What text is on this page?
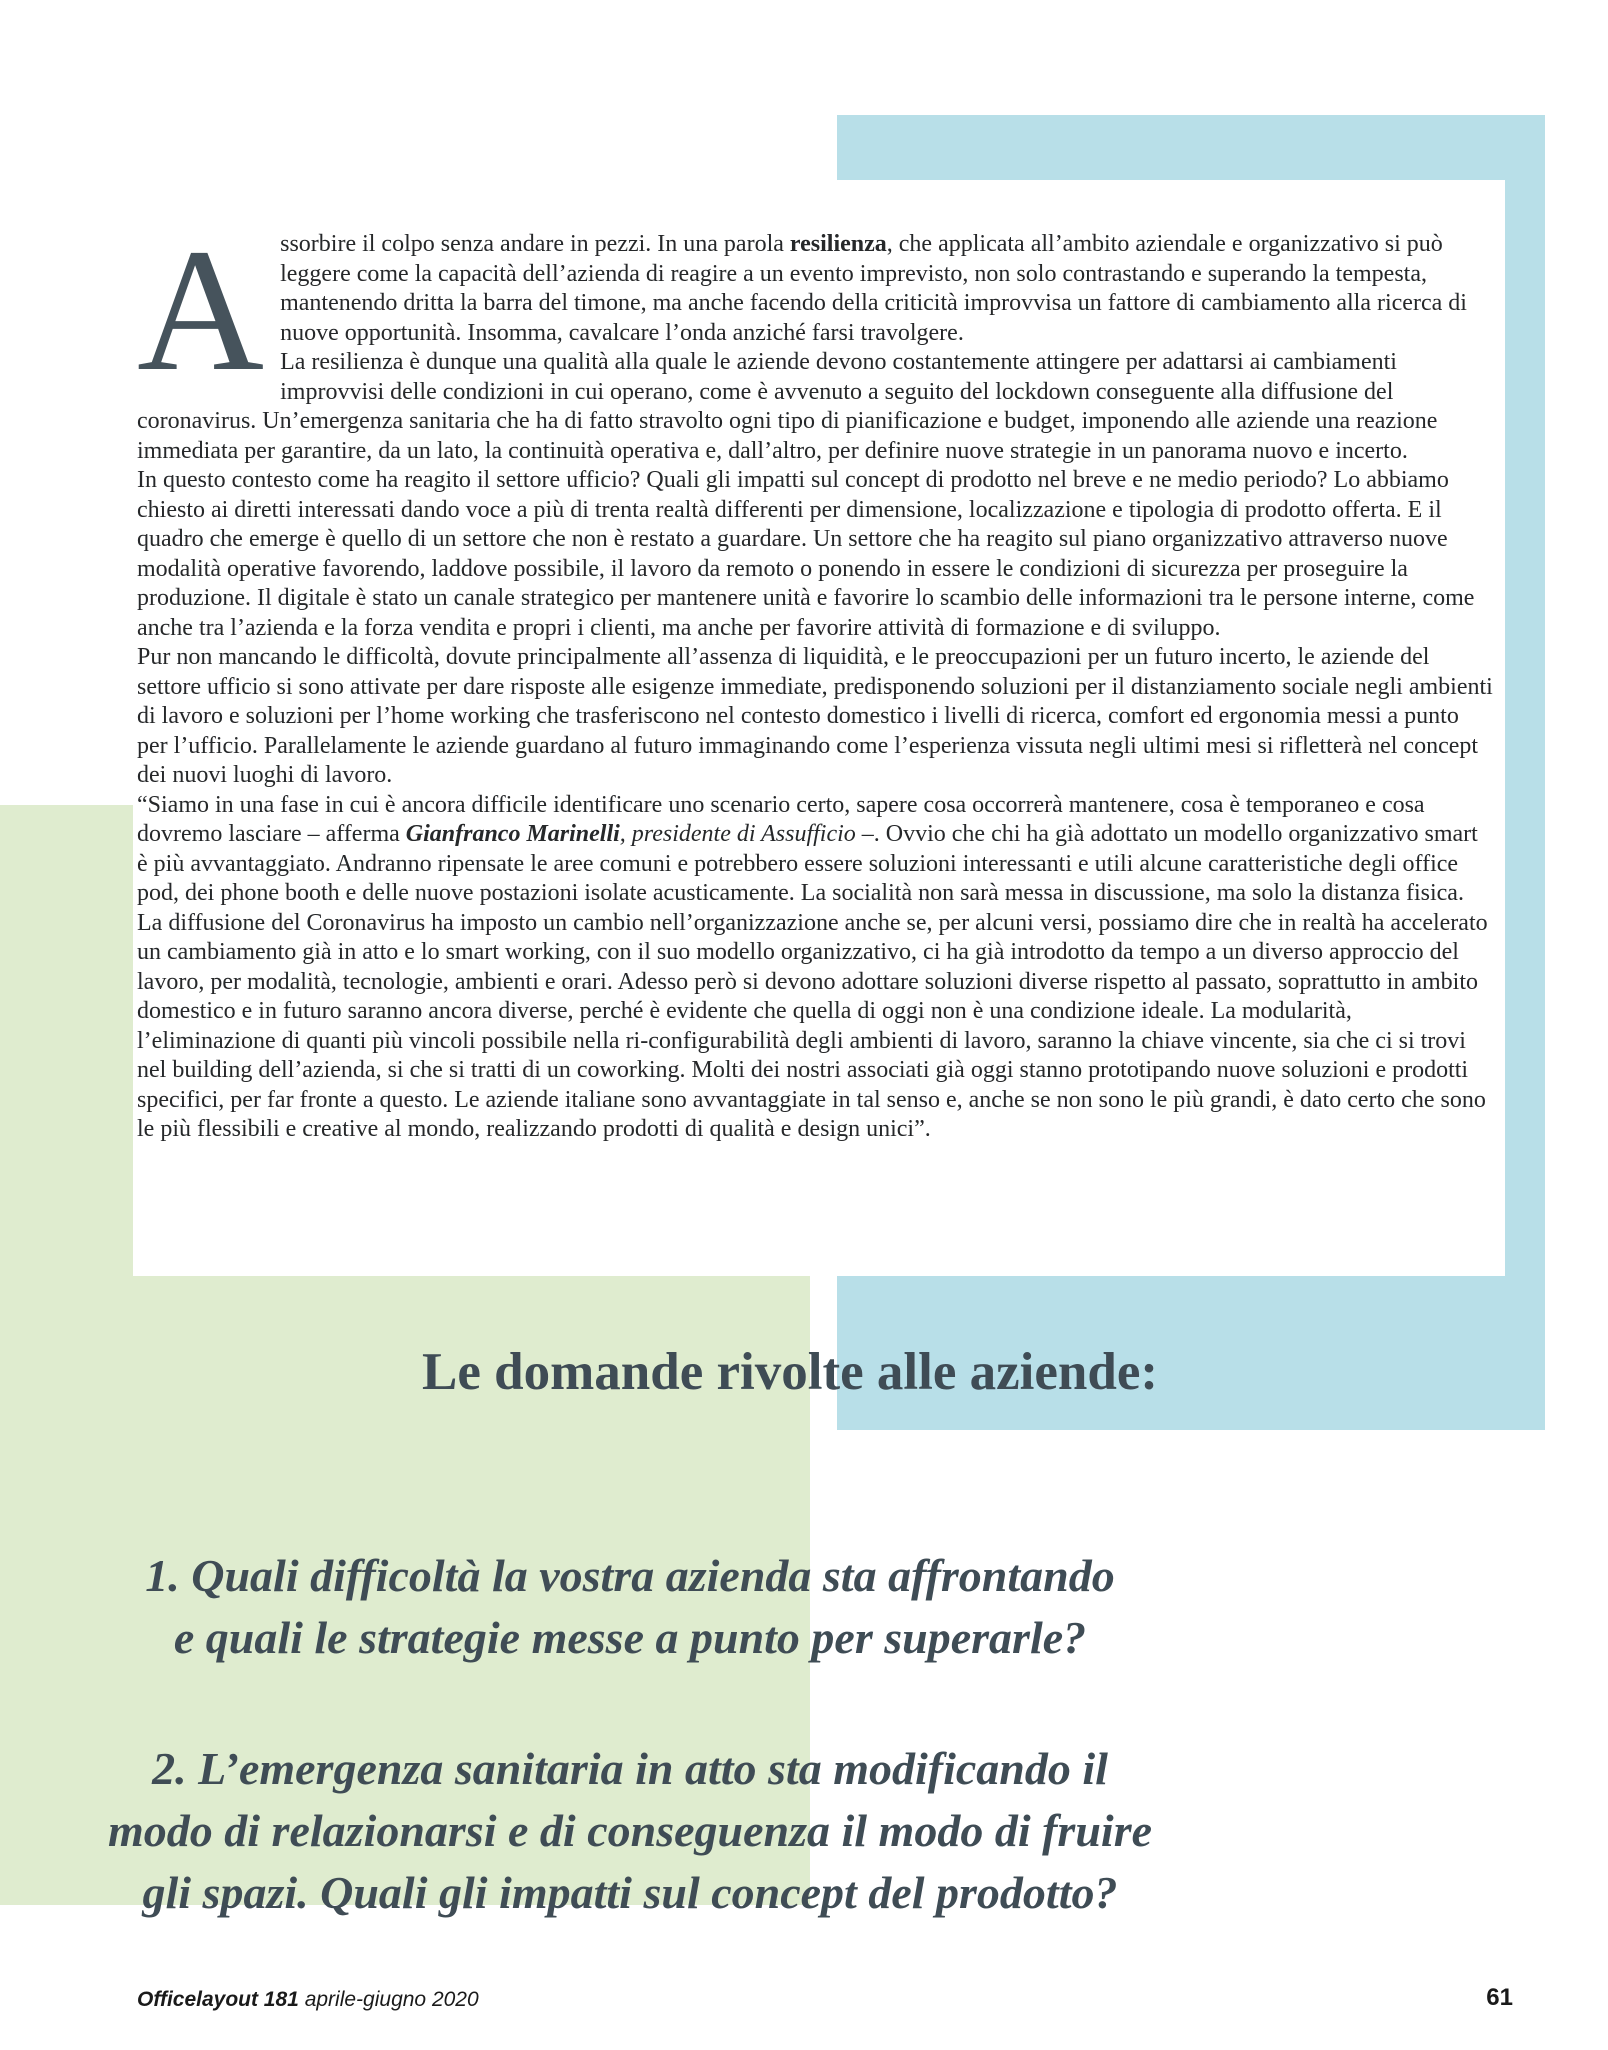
Assorbire il colpo senza andare in pezzi. In una parola resilienza, che applicata all’ambito aziendale e organizzativo si può leggere come la capacità dell’azienda di reagire a un evento imprevisto, non solo contrastando e superando la tempesta, mantenendo dritta la barra del timone, ma anche facendo della criticità improvvisa un fattore di cambiamento alla ricerca di nuove opportunità. Insomma, cavalcare l’onda anziché farsi travolgere.

La resilienza è dunque una qualità alla quale le aziende devono costantemente attingere per adattarsi ai cambiamenti improvvisi delle condizioni in cui operano, come è avvenuto a seguito del lockdown conseguente alla diffusione del coronavirus. Un’emergenza sanitaria che ha di fatto stravolto ogni tipo di pianificazione e budget, imponendo alle aziende una reazione immediata per garantire, da un lato, la continuità operativa e, dall’altro, per definire nuove strategie in un panorama nuovo e incerto.

In questo contesto come ha reagito il settore ufficio? Quali gli impatti sul concept di prodotto nel breve e ne medio periodo? Lo abbiamo chiesto ai diretti interessati dando voce a più di trenta realtà differenti per dimensione, localizzazione e tipologia di prodotto offerta. E il quadro che emerge è quello di un settore che non è restato a guardare. Un settore che ha reagito sul piano organizzativo attraverso nuove modalità operative favorendo, laddove possibile, il lavoro da remoto o ponendo in essere le condizioni di sicurezza per proseguire la produzione. Il digitale è stato un canale strategico per mantenere unità e favorire lo scambio delle informazioni tra le persone interne, come anche tra l’azienda e la forza vendita e propri i clienti, ma anche per favorire attività di formazione e di sviluppo.

Pur non mancando le difficoltà, dovute principalmente all’assenza di liquidità, e le preoccupazioni per un futuro incerto, le aziende del settore ufficio si sono attivate per dare risposte alle esigenze immediate, predisponendo soluzioni per il distanziamento sociale negli ambienti di lavoro e soluzioni per l’home working che trasferiscono nel contesto domestico i livelli di ricerca, comfort ed ergonomia messi a punto per l’ufficio. Parallelamente le aziende guardano al futuro immaginando come l’esperienza vissuta negli ultimi mesi si rifletterà nel concept dei nuovi luoghi di lavoro.

“Siamo in una fase in cui è ancora difficile identificare uno scenario certo, sapere cosa occorrerà mantenere, cosa è temporaneo e cosa dovremo lasciare – afferma Gianfranco Marinelli, presidente di Assufficio –. Ovvio che chi ha già adottato un modello organizzativo smart è più avvantaggiato. Andranno ripensate le aree comuni e potrebbero essere soluzioni interessanti e utili alcune caratteristiche degli office pod, dei phone booth e delle nuove postazioni isolate acusticamente. La socialità non sarà messa in discussione, ma solo la distanza fisica.

La diffusione del Coronavirus ha imposto un cambio nell’organizzazione anche se, per alcuni versi, possiamo dire che in realtà ha accelerato un cambiamento già in atto e lo smart working, con il suo modello organizzativo, ci ha già introdotto da tempo a un diverso approccio del lavoro, per modalità, tecnologie, ambienti e orari. Adesso però si devono adottare soluzioni diverse rispetto al passato, soprattutto in ambito domestico e in futuro saranno ancora diverse, perché è evidente che quella di oggi non è una condizione ideale. La modularità, l’eliminazione di quanti più vincoli possibile nella ri-configurabilità degli ambienti di lavoro, saranno la chiave vincente, sia che ci si trovi nel building dell’azienda, si che si tratti di un coworking. Molti dei nostri associati già oggi stanno prototipando nuove soluzioni e prodotti specifici, per far fronte a questo. Le aziende italiane sono avvantaggiate in tal senso e, anche se non sono le più grandi, è dato certo che sono le più flessibili e creative al mondo, realizzando prodotti di qualità e design unici”.

Le domande rivolte alle aziende:

1. Quali difficoltà la vostra azienda sta affrontando
e quali le strategie messe a punto per superarle?

2. L’emergenza sanitaria in atto sta modificando il
modo di relazionarsi e di conseguenza il modo di fruire
gli spazi. Quali gli impatti sul concept del prodotto?

Officelayout 181 aprile-giugno 2020	61
